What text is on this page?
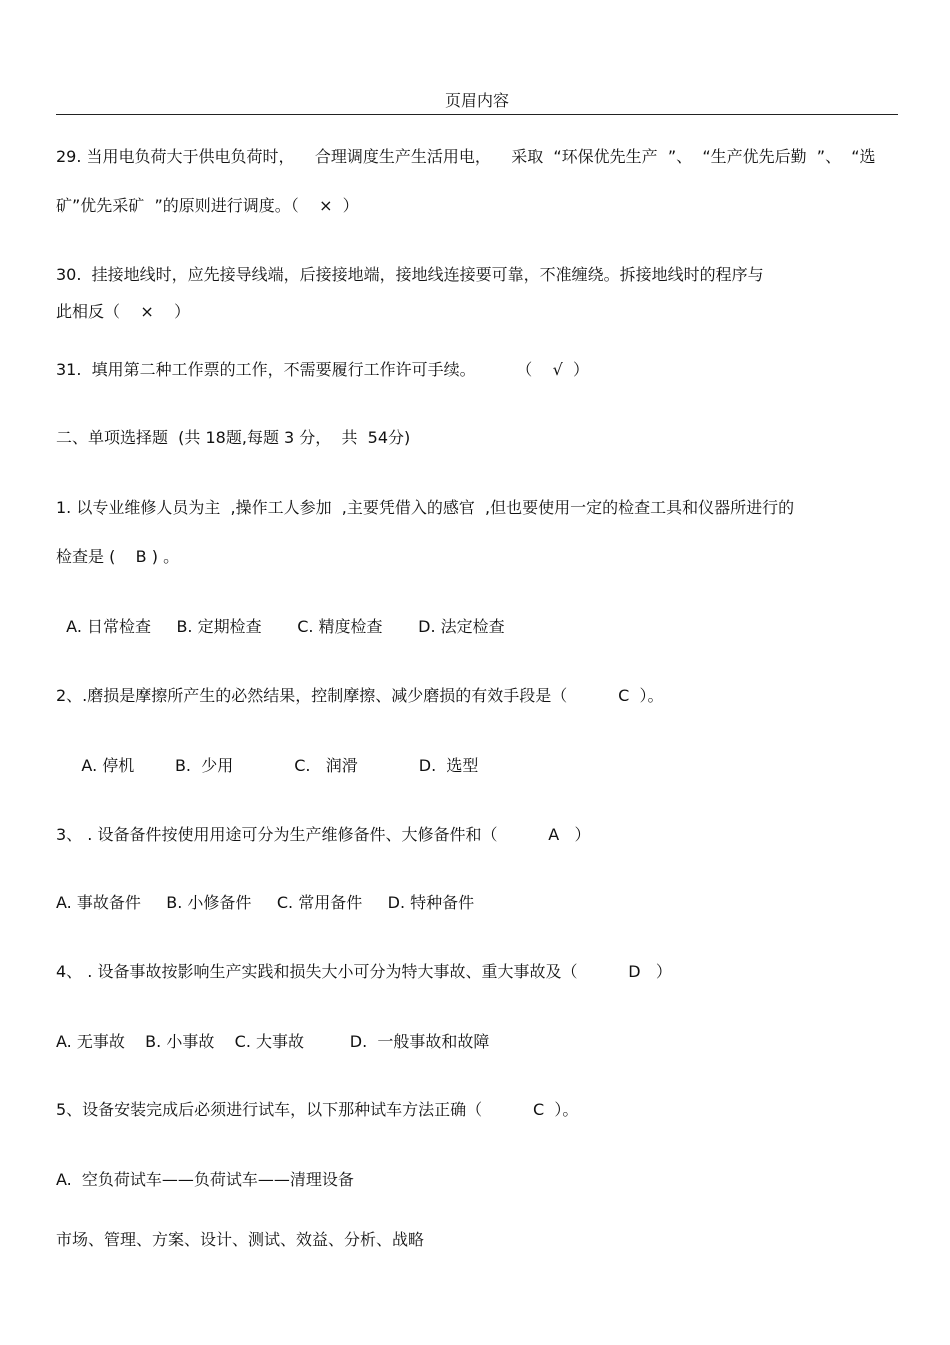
页眉内容
29. 当用电负荷大于供电负荷时，    合理调度生产生活用电，    采取  “环保优先生产  ”、  “生产优先后勤  ”、  “选
矿”优先采矿  ”的原则进行调度。（    ×  ）
30.  挂接地线时，应先接导线端，后接接地端，接地线连接要可靠，不准缠绕。拆接地线时的程序与
此相反（    ×    ）
31.  填用第二种工作票的工作，不需要履行工作许可手续。        （    √  ）
二、单项选择题  (共 18题,每题 3 分，  共  54分)
1. 以专业维修人员为主  ,操作工人参加  ,主要凭借入的感官  ,但也要使用一定的检查工具和仪器所进行的
检查是 (    B ) 。
A. 日常检查     B. 定期检查       C. 精度检查       D. 法定检查
2、.磨损是摩擦所产生的必然结果，控制摩擦、减少磨损的有效手段是（          C  ）。
A. 停机        B.  少用            C.   润滑            D.  选型
3、 . 设备备件按使用用途可分为生产维修备件、大修备件和（          A   ）
A. 事故备件     B. 小修备件     C. 常用备件     D. 特种备件
4、 . 设备事故按影响生产实践和损失大小可分为特大事故、重大事故及（          D   ）
A. 无事故    B. 小事故    C. 大事故         D.  一般事故和故障
5、设备安装完成后必须进行试车，以下那种试车方法正确（          C  ）。
A.  空负荷试车——负荷试车——清理设备
市场、管理、方案、设计、测试、效益、分析、战略
